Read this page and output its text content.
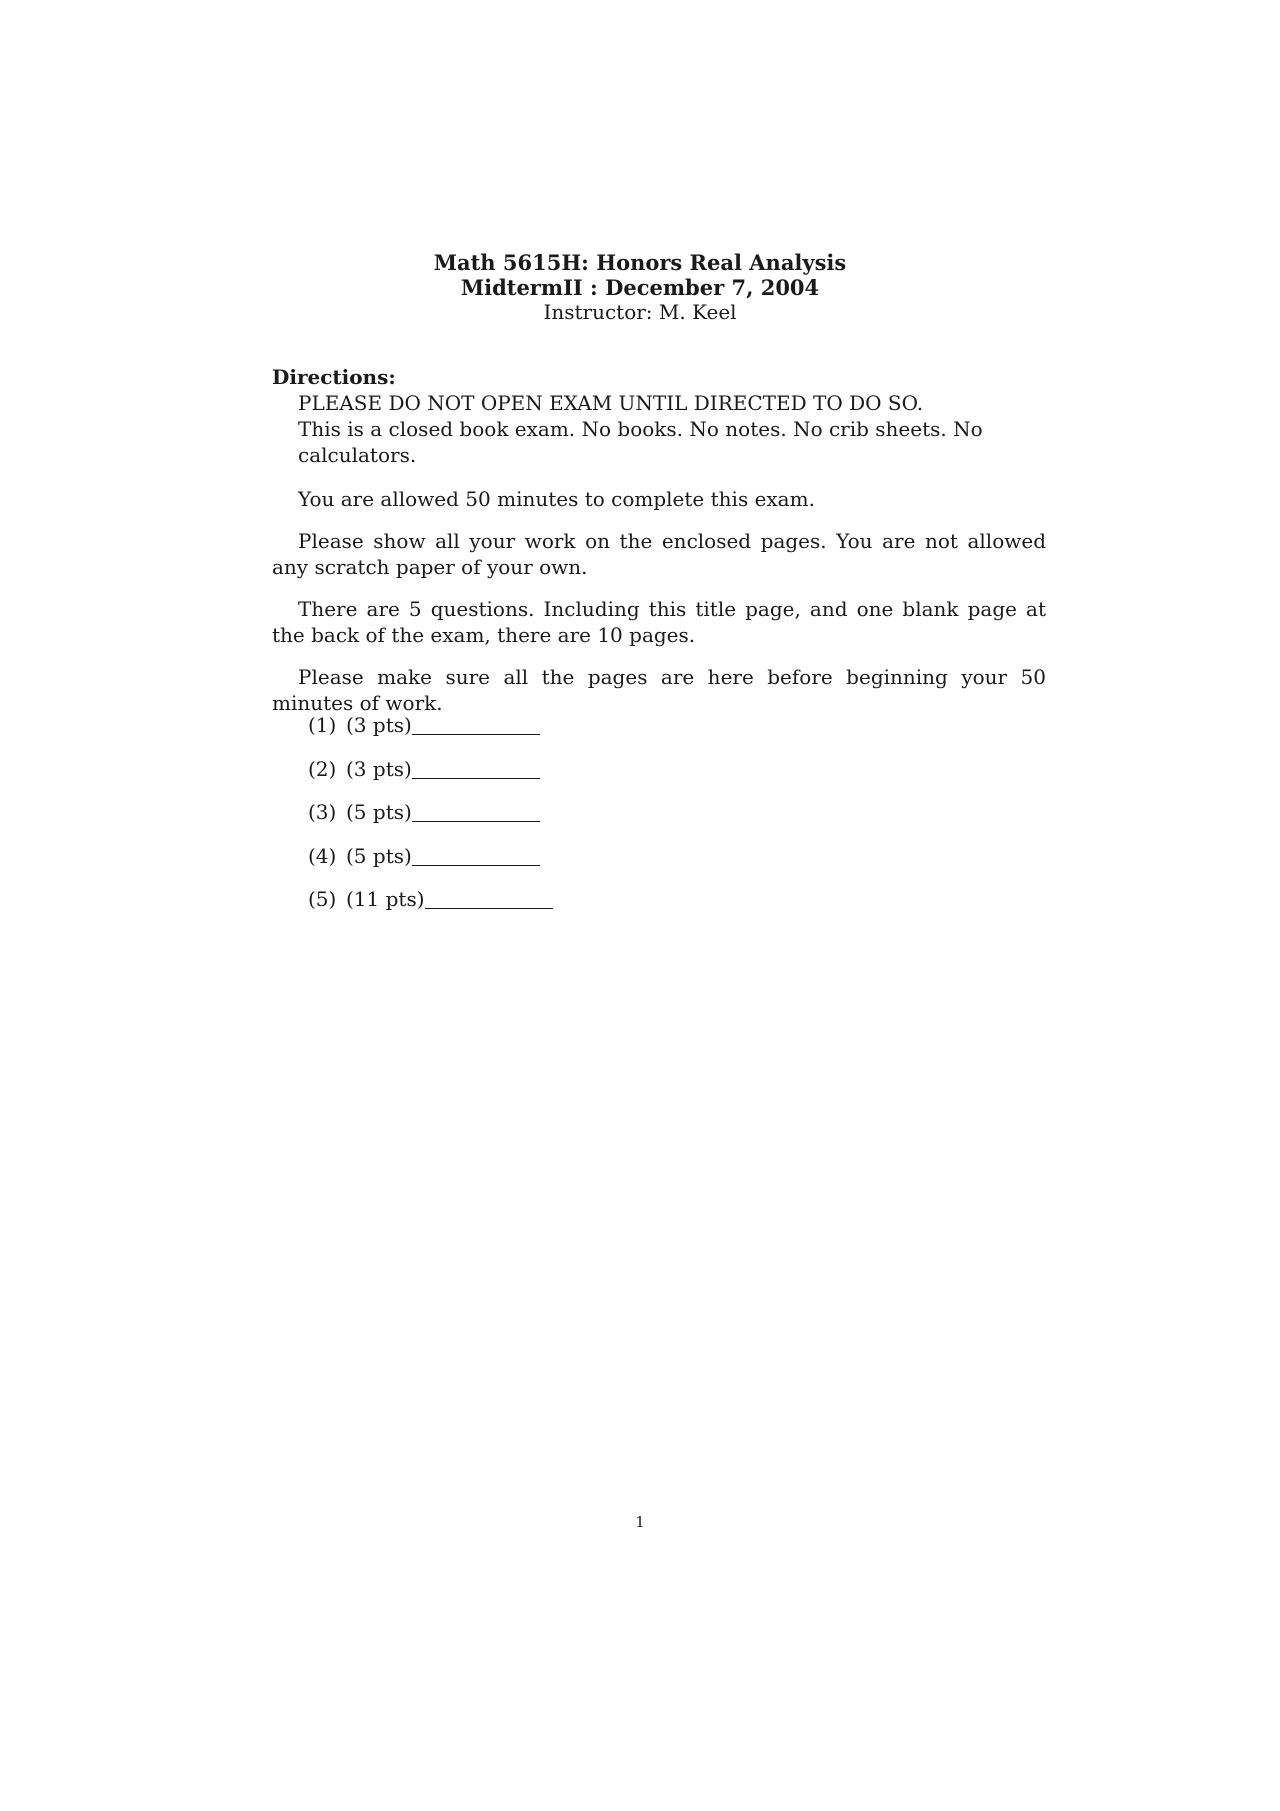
Math 5615H: Honors Real Analysis
MidtermII : December 7, 2004
Instructor: M. Keel
Directions:
PLEASE DO NOT OPEN EXAM UNTIL DIRECTED TO DO SO.
This is a closed book exam. No books. No notes. No crib sheets. No calculators.
You are allowed 50 minutes to complete this exam.
Please show all your work on the enclosed pages. You are not allowed any scratch paper of your own.
There are 5 questions. Including this title page, and one blank page at the back of the exam, there are 10 pages.
Please make sure all the pages are here before beginning your 50 minutes of work.
(1) (3 pts)
(2) (3 pts)
(3) (5 pts)
(4) (5 pts)
(5) (11 pts)
1
